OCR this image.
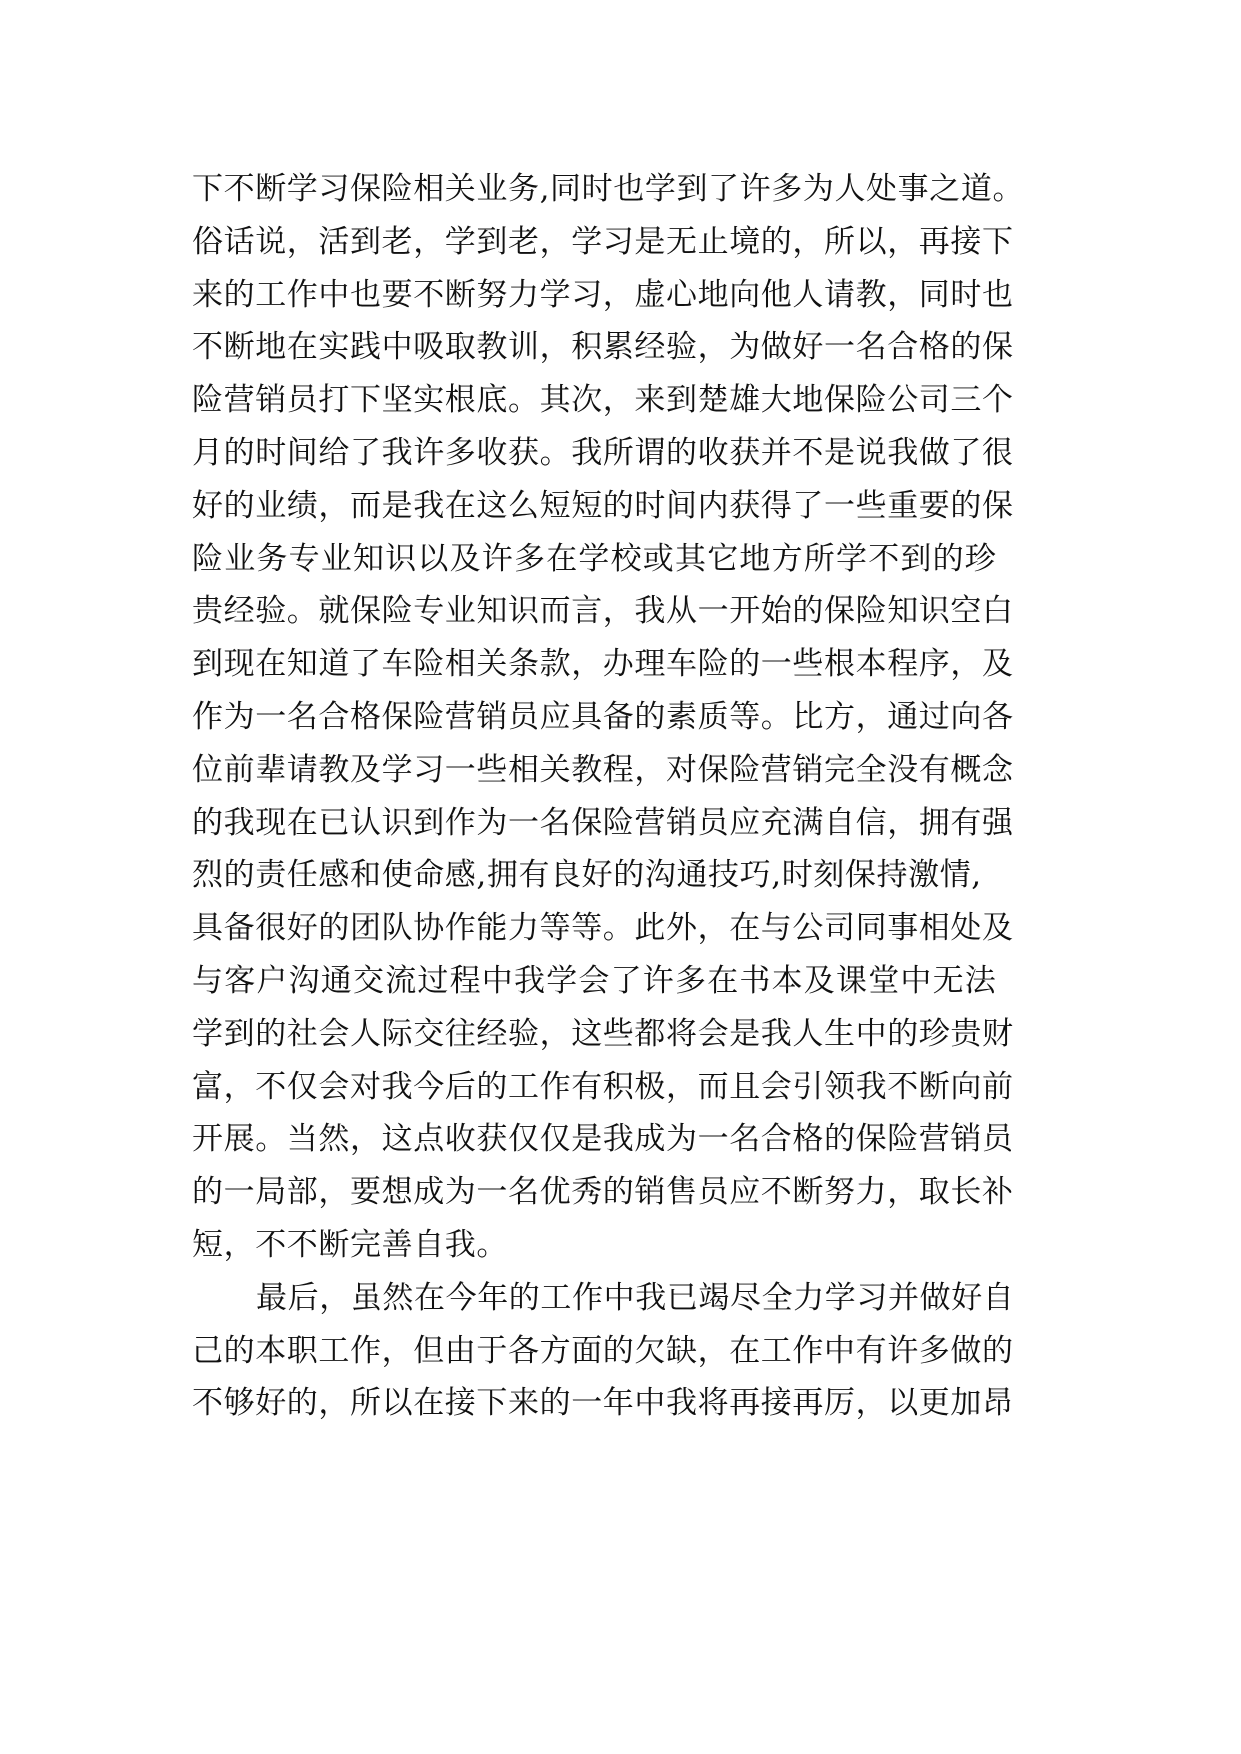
下不断学习保险相关业务,同时也学到了许多为人处事之道。
俗话说，活到老，学到老，学习是无止境的，所以，再接下
来的工作中也要不断努力学习，虚心地向他人请教，同时也
不断地在实践中吸取教训，积累经验，为做好一名合格的保
险营销员打下坚实根底。其次，来到楚雄大地保险公司三个
月的时间给了我许多收获。我所谓的收获并不是说我做了很
好的业绩，而是我在这么短短的时间内获得了一些重要的保
险业务专业知识以及许多在学校或其它地方所学不到的珍
贵经验。就保险专业知识而言，我从一开始的保险知识空白
到现在知道了车险相关条款，办理车险的一些根本程序，及
作为一名合格保险营销员应具备的素质等。比方，通过向各
位前辈请教及学习一些相关教程，对保险营销完全没有概念
的我现在已认识到作为一名保险营销员应充满自信，拥有强
烈的责任感和使命感,拥有良好的沟通技巧,时刻保持激情,
具备很好的团队协作能力等等。此外，在与公司同事相处及
与客户沟通交流过程中我学会了许多在书本及课堂中无法
学到的社会人际交往经验，这些都将会是我人生中的珍贵财
富，不仅会对我今后的工作有积极，而且会引领我不断向前
开展。当然，这点收获仅仅是我成为一名合格的保险营销员
的一局部，要想成为一名优秀的销售员应不断努力，取长补
短，不不断完善自我。
最后，虽然在今年的工作中我已竭尽全力学习并做好自
己的本职工作，但由于各方面的欠缺，在工作中有许多做的
不够好的，所以在接下来的一年中我将再接再厉，以更加昂
